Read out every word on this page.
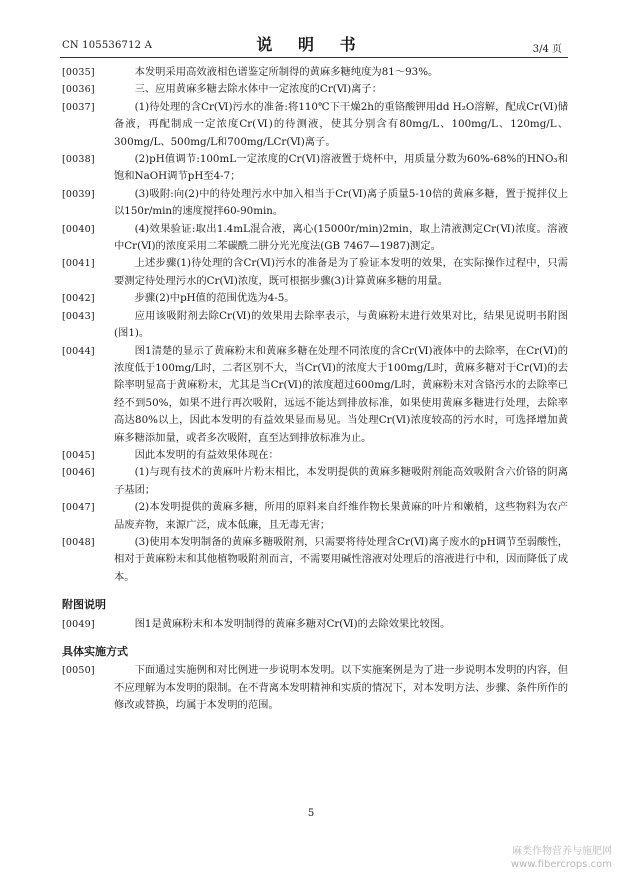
CN 105536712 A	说 明 书	3/4 页

[0035]	本发明采用高效液相色谱鉴定所制得的黄麻多糖纯度为81～93%。

[0036]	三、应用黄麻多糖去除水体中一定浓度的Cr(Ⅵ)离子：

[0037]	(1)待处理的含Cr(Ⅵ)污水的准备:将110℃下干燥2h的重铬酸钾用dd H₂O溶解，配成Cr(Ⅵ)储备液，再配制成一定浓度Cr(Ⅵ)的待测液，使其分别含有80mg/L、100mg/L、120mg/L、300mg/L、500mg/L和700mg/LCr(Ⅵ)离子。

[0038]	(2)pH值调节:100mL一定浓度的Cr(Ⅵ)溶液置于烧杯中，用质量分数为60%-68%的HNO₃和饱和NaOH调节pH至4-7；

[0039]	(3)吸附:向(2)中的待处理污水中加入相当于Cr(Ⅵ)离子质量5-10倍的黄麻多糖，置于搅拌仪上以150r/min的速度搅拌60-90min。

[0040]	(4)效果验证:取出1.4mL混合液，离心(15000r/min)2min，取上清液测定Cr(Ⅵ)浓度。溶液中Cr(Ⅵ)的浓度采用二苯碳酰二肼分光光度法(GB 7467—1987)测定。

[0041]	上述步骤(1)待处理的含Cr(Ⅵ)污水的准备是为了验证本发明的效果，在实际操作过程中，只需要测定待处理污水的Cr(Ⅵ)浓度，既可根据步骤(3)计算黄麻多糖的用量。

[0042]	步骤(2)中pH值的范围优选为4-5。

[0043]	应用该吸附剂去除Cr(Ⅵ)的效果用去除率表示，与黄麻粉末进行效果对比，结果见说明书附图(图1)。

[0044]	图1清楚的显示了黄麻粉末和黄麻多糖在处理不同浓度的含Cr(Ⅵ)液体中的去除率，在Cr(Ⅵ)的浓度低于100mg/L时，二者区别不大，当Cr(Ⅵ)的浓度大于100mg/L时，黄麻多糖对于Cr(Ⅵ)的去除率明显高于黄麻粉末，尤其是当Cr(Ⅵ)的浓度超过600mg/L时，黄麻粉末对含铬污水的去除率已经不到50%，如果不进行再次吸附，远远不能达到排放标准，如果使用黄麻多糖进行处理，去除率高达80%以上，因此本发明的有益效果显而易见。当处理Cr(Ⅵ)浓度较高的污水时，可选择增加黄麻多糖添加量，或者多次吸附，直至达到排放标准为止。

[0045]	因此本发明的有益效果体现在：

[0046]	(1)与现有技术的黄麻叶片粉末相比，本发明提供的黄麻多糖吸附剂能高效吸附含六价铬的阴离子基团；

[0047]	(2)本发明提供的黄麻多糖，所用的原料来自纤维作物长果黄麻的叶片和嫩梢，这些物料为农产品废弃物，来源广泛，成本低廉，且无毒无害；

[0048]	(3)使用本发明制备的黄麻多糖吸附剂，只需要将待处理含Cr(Ⅵ)离子废水的pH调节至弱酸性，相对于黄麻粉末和其他植物吸附剂而言，不需要用碱性溶液对处理后的溶液进行中和，因而降低了成本。

附图说明

[0049]	图1是黄麻粉末和本发明制得的黄麻多糖对Cr(Ⅵ)的去除效果比较图。

具体实施方式

[0050]	下面通过实施例和对比例进一步说明本发明。以下实施案例是为了进一步说明本发明的内容，但不应理解为本发明的限制。在不背离本发明精神和实质的情况下，对本发明方法、步骤、条件所作的修改或替换，均属于本发明的范围。

5
麻类作物营养与施肥网
www.fibercrops.com
